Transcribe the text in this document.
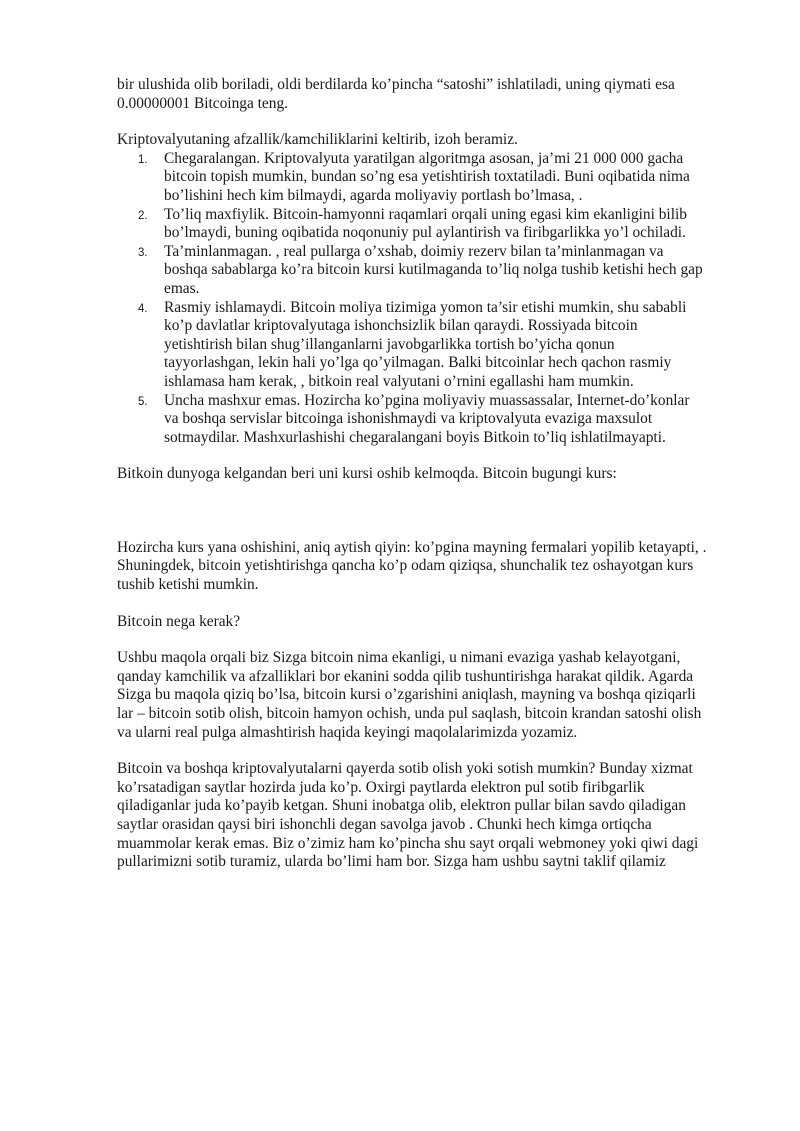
bir ulushida olib boriladi, oldi berdilarda ko’pincha “satoshi” ishlatiladi, uning qiymati esa 0.00000001 Bitcoinga teng.

Kriptovalyutaning afzallik/kamchiliklarini keltirib, izoh beramiz.

1. Chegaralangan. Kriptovalyuta yaratilgan algoritmga asosan, ja’mi 21 000 000 gacha bitcoin topish mumkin, bundan so’ng esa yetishtirish toxtatiladi. Buni oqibatida nima bo’lishini hech kim bilmaydi, agarda moliyaviy portlash bo’lmasa, .
2. To’liq maxfiylik. Bitcoin-hamyonni raqamlari orqali uning egasi kim ekanligini bilib bo’lmaydi, buning oqibatida noqonuniy pul aylantirish va firibgarlikka yo’l ochiladi.
3. Ta’minlanmagan. , real pullarga o’xshab, doimiy rezerv bilan ta’minlanmagan va boshqa sabablarga ko’ra bitcoin kursi kutilmaganda to’liq nolga tushib ketishi hech gap emas.
4. Rasmiy ishlamaydi. Bitcoin moliya tizimiga yomon ta’sir etishi mumkin, shu sababli ko’p davlatlar kriptovalyutaga ishonchsizlik bilan qaraydi. Rossiyada bitcoin yetishtirish bilan shug’illanganlarni javobgarlikka tortish bo’yicha qonun tayyorlashgan, lekin hali yo’lga qo’yilmagan. Balki bitcoinlar hech qachon rasmiy ishlamasa ham kerak, , bitkoin real valyutani o’rnini egallashi ham mumkin.
5. Uncha mashxur emas. Hozircha ko’pgina moliyaviy muassassalar, Internet-do’konlar va boshqa servislar bitcoinga ishonishmaydi va kriptovalyuta evaziga maxsulot sotmaydilar. Mashxurlashishi chegaralangani boyis Bitkoin to’liq ishlatilmayapti.

Bitkoin dunyoga kelgandan beri uni kursi oshib kelmoqda. Bitcoin bugungi kurs:

Hozircha kurs yana oshishini, aniq aytish qiyin: ko’pgina mayning fermalari yopilib ketayapti, . Shuningdek, bitcoin yetishtirishga qancha ko’p odam qiziqsa, shunchalik tez oshayotgan kurs tushib ketishi mumkin.

Bitcoin nega kerak?

Ushbu maqola orqali biz Sizga bitcoin nima ekanligi, u nimani evaziga yashab kelayotgani, qanday kamchilik va afzalliklari bor ekanini sodda qilib tushuntirishga harakat qildik. Agarda Sizga bu maqola qiziq bo’lsa, bitcoin kursi o’zgarishini aniqlash, mayning va boshqa qiziqarli lar – bitcoin sotib olish, bitcoin hamyon ochish, unda pul saqlash, bitcoin krandan satoshi olish va ularni real pulga almashtirish haqida keyingi maqolalarimizda yozamiz.

Bitcoin va boshqa kriptovalyutalarni qayerda sotib olish yoki sotish mumkin? Bunday xizmat ko’rsatadigan saytlar hozirda juda ko’p. Oxirgi paytlarda elektron pul sotib firibgarlik qiladiganlar juda ko’payib ketgan. Shuni inobatga olib, elektron pullar bilan savdo qiladigan saytlar orasidan qaysi biri ishonchli degan savolga javob . Chunki hech kimga ortiqcha muammolar kerak emas. Biz o’zimiz ham ko’pincha shu sayt orqali webmoney yoki qiwi dagi pullarimizni sotib turamiz, ularda bo’limi ham bor. Sizga ham ushbu saytni taklif qilamiz
